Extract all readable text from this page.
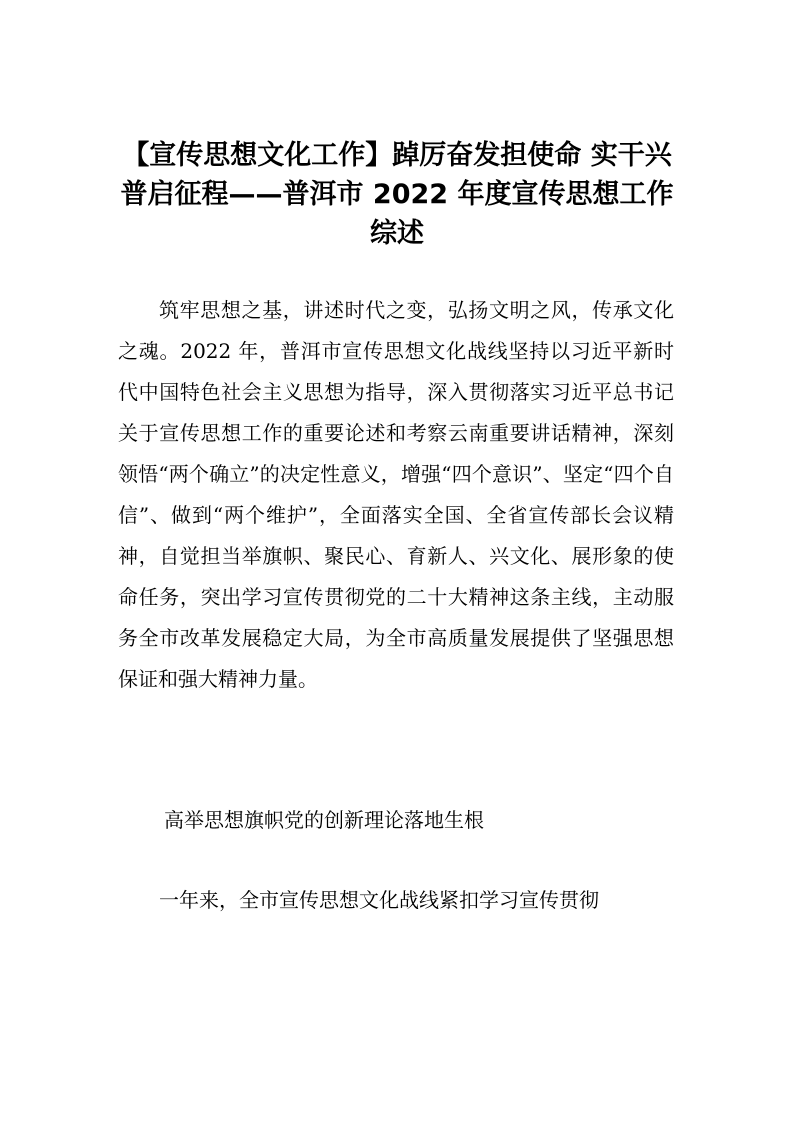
【宣传思想文化工作】踔厉奋发担使命 实干兴普启征程——普洱市 2022 年度宣传思想工作综述

筑牢思想之基，讲述时代之变，弘扬文明之风，传承文化之魂。2022 年，普洱市宣传思想文化战线坚持以习近平新时代中国特色社会主义思想为指导，深入贯彻落实习近平总书记关于宣传思想工作的重要论述和考察云南重要讲话精神，深刻领悟“两个确立”的决定性意义，增强“四个意识”、坚定“四个自信”、做到“两个维护”，全面落实全国、全省宣传部长会议精神，自觉担当举旗帜、聚民心、育新人、兴文化、展形象的使命任务，突出学习宣传贯彻党的二十大精神这条主线，主动服务全市改革发展稳定大局，为全市高质量发展提供了坚强思想保证和强大精神力量。

高举思想旗帜党的创新理论落地生根

一年来，全市宣传思想文化战线紧扣学习宣传贯彻
